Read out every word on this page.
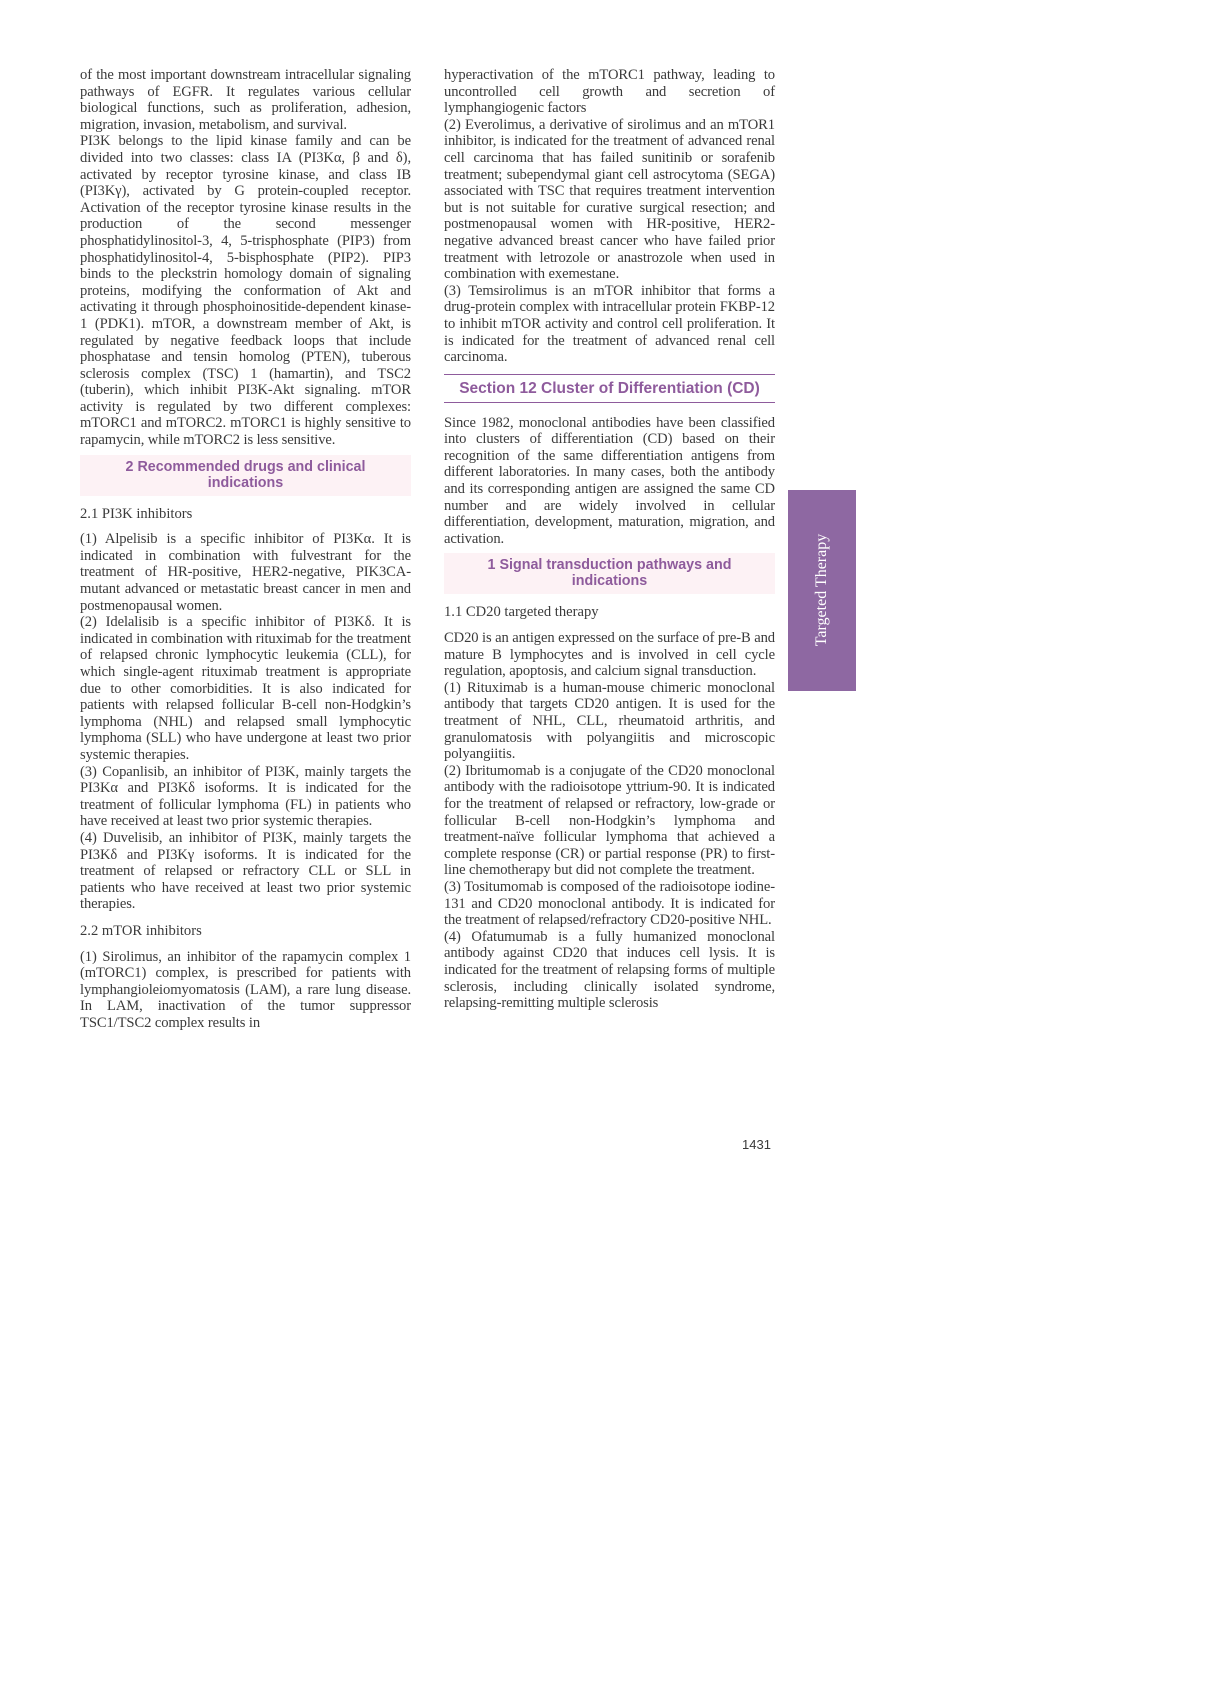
of the most important downstream intracellular signaling pathways of EGFR. It regulates various cellular biological functions, such as proliferation, adhesion, migration, invasion, metabolism, and survival.

PI3K belongs to the lipid kinase family and can be divided into two classes: class IA (PI3Kα, β and δ), activated by receptor tyrosine kinase, and class IB (PI3Kγ), activated by G protein-coupled receptor. Activation of the receptor tyrosine kinase results in the production of the second messenger phosphatidylinositol-3, 4, 5-trisphosphate (PIP3) from phosphatidylinositol-4, 5-bisphosphate (PIP2). PIP3 binds to the pleckstrin homology domain of signaling proteins, modifying the conformation of Akt and activating it through phosphoinositide-dependent kinase-1 (PDK1). mTOR, a downstream member of Akt, is regulated by negative feedback loops that include phosphatase and tensin homolog (PTEN), tuberous sclerosis complex (TSC) 1 (hamartin), and TSC2 (tuberin), which inhibit PI3K-Akt signaling. mTOR activity is regulated by two different complexes: mTORC1 and mTORC2. mTORC1 is highly sensitive to rapamycin, while mTORC2 is less sensitive.

2 Recommended drugs and clinical indications
2.1 PI3K inhibitors

(1) Alpelisib is a specific inhibitor of PI3Kα. It is indicated in combination with fulvestrant for the treatment of HR-positive, HER2-negative, PIK3CA-mutant advanced or metastatic breast cancer in men and postmenopausal women.

(2) Idelalisib is a specific inhibitor of PI3Kδ. It is indicated in combination with rituximab for the treatment of relapsed chronic lymphocytic leukemia (CLL), for which single-agent rituximab treatment is appropriate due to other comorbidities. It is also indicated for patients with relapsed follicular B-cell non-Hodgkin’s lymphoma (NHL) and relapsed small lymphocytic lymphoma (SLL) who have undergone at least two prior systemic therapies.

(3) Copanlisib, an inhibitor of PI3K, mainly targets the PI3Kα and PI3Kδ isoforms. It is indicated for the treatment of follicular lymphoma (FL) in patients who have received at least two prior systemic therapies.

(4) Duvelisib, an inhibitor of PI3K, mainly targets the PI3Kδ and PI3Kγ isoforms. It is indicated for the treatment of relapsed or refractory CLL or SLL in patients who have received at least two prior systemic therapies.

2.2 mTOR inhibitors

(1) Sirolimus, an inhibitor of the rapamycin complex 1 (mTORC1) complex, is prescribed for patients with lymphangioleiomyomatosis (LAM), a rare lung disease. In LAM, inactivation of the tumor suppressor TSC1/TSC2 complex results in

hyperactivation of the mTORC1 pathway, leading to uncontrolled cell growth and secretion of lymphangiogenic factors

(2) Everolimus, a derivative of sirolimus and an mTOR1 inhibitor, is indicated for the treatment of advanced renal cell carcinoma that has failed sunitinib or sorafenib treatment; subependymal giant cell astrocytoma (SEGA) associated with TSC that requires treatment intervention but is not suitable for curative surgical resection; and postmenopausal women with HR-positive, HER2-negative advanced breast cancer who have failed prior treatment with letrozole or anastrozole when used in combination with exemestane.

(3) Temsirolimus is an mTOR inhibitor that forms a drug-protein complex with intracellular protein FKBP-12 to inhibit mTOR activity and control cell proliferation. It is indicated for the treatment of advanced renal cell carcinoma.

Section 12 Cluster of Differentiation (CD)

Since 1982, monoclonal antibodies have been classified into clusters of differentiation (CD) based on their recognition of the same differentiation antigens from different laboratories. In many cases, both the antibody and its corresponding antigen are assigned the same CD number and are widely involved in cellular differentiation, development, maturation, migration, and activation.

1 Signal transduction pathways and indications
1.1 CD20 targeted therapy

CD20 is an antigen expressed on the surface of pre-B and mature B lymphocytes and is involved in cell cycle regulation, apoptosis, and calcium signal transduction.

(1) Rituximab is a human-mouse chimeric monoclonal antibody that targets CD20 antigen. It is used for the treatment of NHL, CLL, rheumatoid arthritis, and granulomatosis with polyangiitis and microscopic polyangiitis.

(2) Ibritumomab is a conjugate of the CD20 monoclonal antibody with the radioisotope yttrium-90. It is indicated for the treatment of relapsed or refractory, low-grade or follicular B-cell non-Hodgkin’s lymphoma and treatment-naïve follicular lymphoma that achieved a complete response (CR) or partial response (PR) to first-line chemotherapy but did not complete the treatment.

(3) Tositumomab is composed of the radioisotope iodine-131 and CD20 monoclonal antibody. It is indicated for the treatment of relapsed/refractory CD20-positive NHL.

(4) Ofatumumab is a fully humanized monoclonal antibody against CD20 that induces cell lysis. It is indicated for the treatment of relapsing forms of multiple sclerosis, including clinically isolated syndrome, relapsing-remitting multiple sclerosis

Targeted Therapy
1431
